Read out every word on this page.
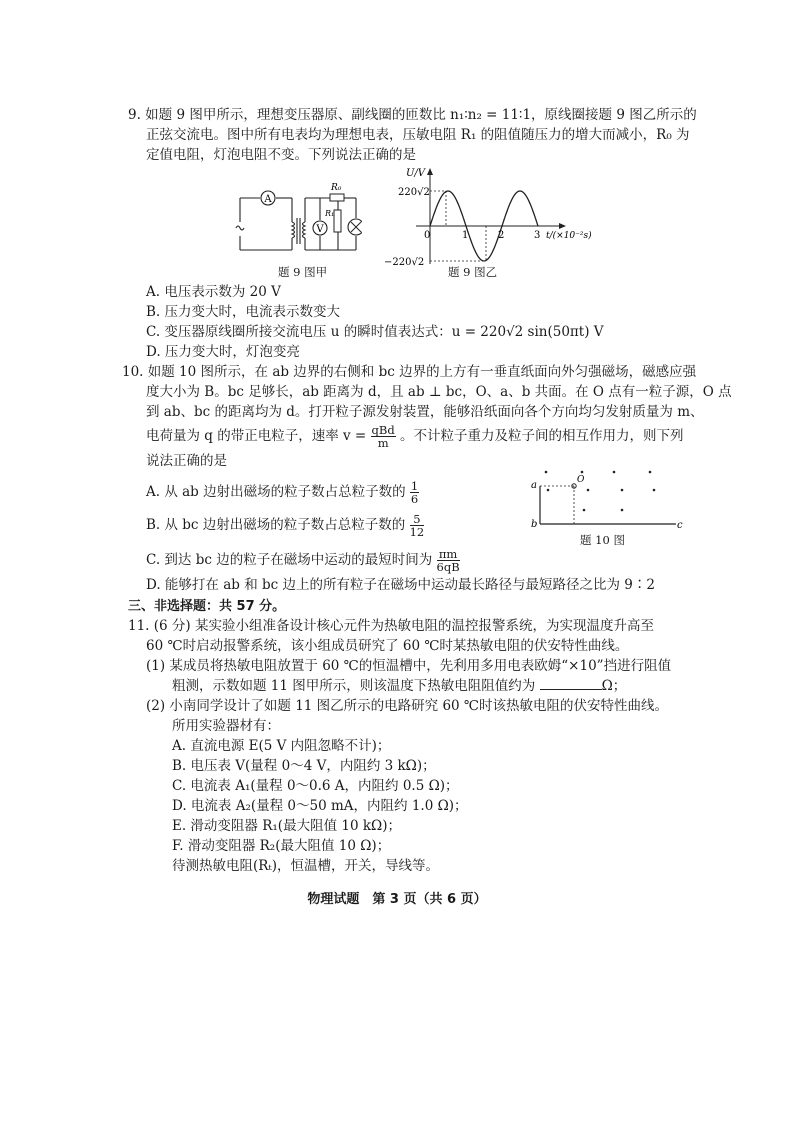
9. 如题 9 图甲所示，理想变压器原、副线圈的匝数比 n₁∶n₂ = 11∶1，原线圈接题 9 图乙所示的
正弦交流电。图中所有电表均为理想电表，压敏电阻 R₁ 的阻值随压力的增大而减小，R₀ 为
定值电阻，灯泡电阻不变。下列说法正确的是
A
V
R₀
R₁
题 9 图甲
U/V
220√2
−220√2
0	1	2	3 t/(×10⁻²s)
题 9 图乙
A. 电压表示数为 20 V
B. 压力变大时，电流表示数变大
C. 变压器原线圈所接交流电压 u 的瞬时值表达式：u = 220√2 sin(50πt) V
D. 压力变大时，灯泡变亮
10. 如题 10 图所示，在 ab 边界的右侧和 bc 边界的上方有一垂直纸面向外匀强磁场，磁感应强
度大小为 B。bc 足够长，ab 距离为 d，且 ab ⊥ bc，O、a、b 共面。在 O 点有一粒子源，O 点
到 ab、bc 的距离均为 d。打开粒子源发射装置，能够沿纸面向各个方向均匀发射质量为 m、
电荷量为 q 的带正电粒子，速率 $v = \frac{\text{qBd}}{m}$ 。不计粒子重力及粒子间的相互作用力，则下列
说法正确的是
A. 从 ab 边射出磁场的粒子数占总粒子数的 $\frac{1}{6}$
B. 从 bc 边射出磁场的粒子数占总粒子数的 $\frac{5}{12}$
C. 到达 bc 边的粒子在磁场中运动的最短时间为 $\frac{\pi m}{6qB}$
D. 能够打在 ab 和 bc 边上的所有粒子在磁场中运动最长路径与最短路径之比为 9∶2
a
b	c
O
题 10 图
三、非选择题：共 57 分。
11. (6 分) 某实验小组准备设计核心元件为热敏电阻的温控报警系统，为实现温度升高至
60 ℃时启动报警系统，该小组成员研究了 60 ℃时某热敏电阻的伏安特性曲线。
(1) 某成员将热敏电阻放置于 60 ℃的恒温槽中，先利用多用电表欧姆“×10”挡进行阻值
粗测，示数如题 11 图甲所示，则该温度下热敏电阻阻值约为	Ω；
(2) 小南同学设计了如题 11 图乙所示的电路研究 60 ℃时该热敏电阻的伏安特性曲线。
所用实验器材有：
A. 直流电源 E(5 V 内阻忽略不计)；
B. 电压表 V(量程 0～4 V，内阻约 3 kΩ)；
C. 电流表 A₁(量程 0～0.6 A，内阻约 0.5 Ω)；
D. 电流表 A₂(量程 0～50 mA，内阻约 1.0 Ω)；
E. 滑动变阻器 R₁(最大阻值 10 kΩ)；
F. 滑动变阻器 R₂(最大阻值 10 Ω)；
待测热敏电阻(Rₜ)，恒温槽，开关，导线等。
物理试题　第 3 页（共 6 页）
